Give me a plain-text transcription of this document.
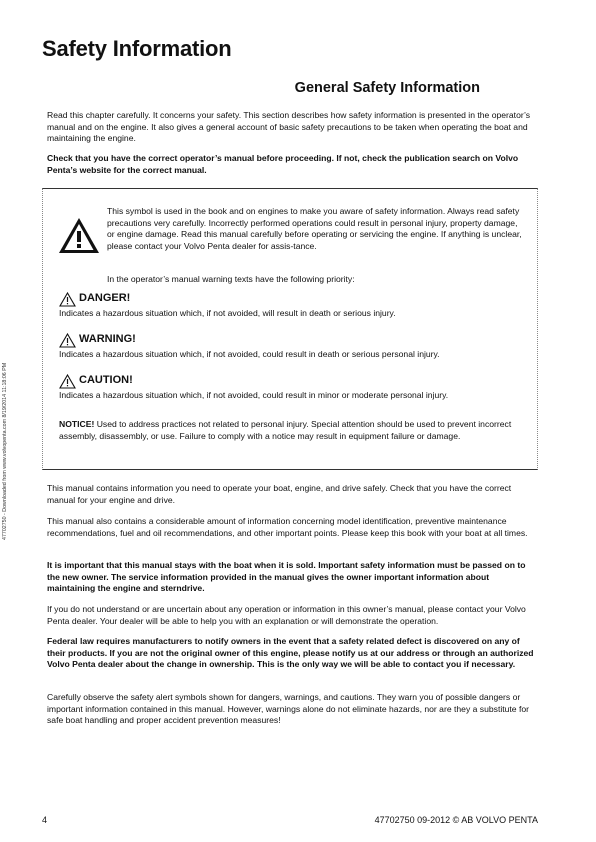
Safety Information
General Safety Information
47702750 - Downloaded from www.volvopenta.com 8/19/2014 11:18:06 PM
Read this chapter carefully. It concerns your safety. This section describes how safety information is presented in the operator’s manual and on the engine. It also gives a general account of basic safety precautions to be taken when operating the boat and maintaining the engine.
Check that you have the correct operator’s manual before proceeding. If not, check the publication search on Volvo Penta’s website for the correct manual.
This symbol is used in the book and on engines to make you aware of safety information. Always read safety precautions very carefully. Incorrectly performed operations could result in personal injury, property damage, or engine damage. Read this manual carefully before operating or servicing the engine. If anything is unclear, please contact your Volvo Penta dealer for assis-tance.
In the operator’s manual warning texts have the following priority:
DANGER!
Indicates a hazardous situation which, if not avoided, will result in death or serious injury.
WARNING!
Indicates a hazardous situation which, if not avoided, could result in death or serious personal injury.
CAUTION!
Indicates a hazardous situation which, if not avoided, could result in minor or moderate personal injury.
NOTICE! Used to address practices not related to personal injury. Special attention should be used to prevent incorrect assembly, disassembly, or use. Failure to comply with a notice may result in equipment failure or damage.
This manual contains information you need to operate your boat, engine, and drive safely. Check that you have the correct manual for your engine and drive.
This manual also contains a considerable amount of information concerning model identification, preventive maintenance recommendations, fuel and oil recommendations, and other important points. Please keep this book with your boat at all times.
It is important that this manual stays with the boat when it is sold. Important safety information must be passed on to the new owner. The service information provided in the manual gives the owner important information about maintaining the engine and sterndrive.
If you do not understand or are uncertain about any operation or information in this owner’s manual, please contact your Volvo Penta dealer. Your dealer will be able to help you with an explanation or will demonstrate the operation.
Federal law requires manufacturers to notify owners in the event that a safety related defect is discovered on any of their products. If you are not the original owner of this engine, please notify us at our address or through an authorized Volvo Penta dealer about the change in ownership. This is the only way we will be able to contact you if necessary.
Carefully observe the safety alert symbols shown for dangers, warnings, and cautions. They warn you of possible dangers or important information contained in this manual. However, warnings alone do not eliminate hazards, nor are they a substitute for safe boat handling and proper accident prevention measures!
4	47702750 09-2012 © AB VOLVO PENTA
